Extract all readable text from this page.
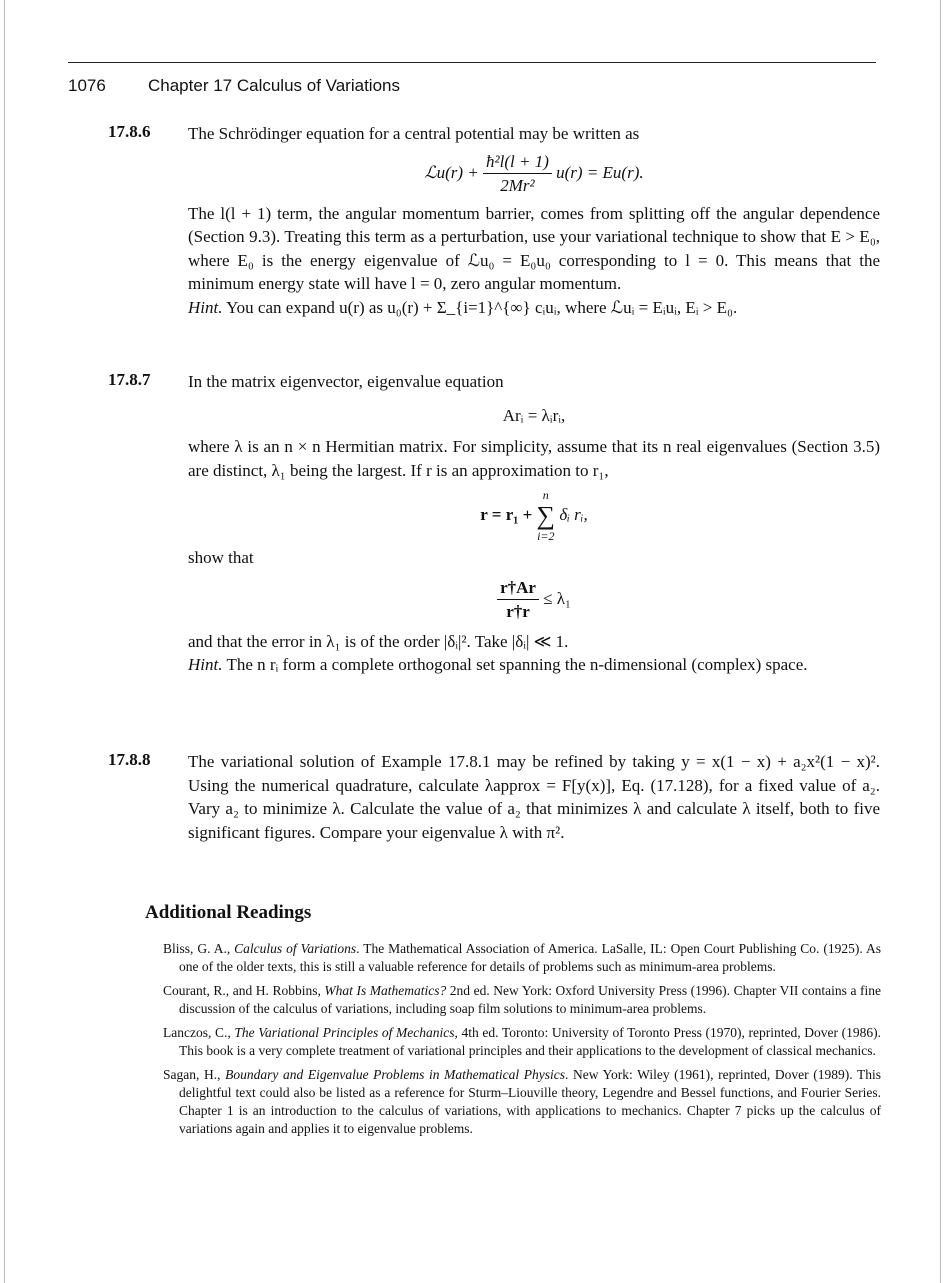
1076 Chapter 17 Calculus of Variations
17.8.6 The Schrödinger equation for a central potential may be written as

ℒu(r) + $\frac{\text{ħ²l(l + 1)}}{\text{2Mr²}} u(r) = Eu(r)$.

The l(l + 1) term, the angular momentum barrier, comes from splitting off the angular dependence (Section 9.3). Treating this term as a perturbation, use your variational technique to show that E > E₀, where E₀ is the energy eigenvalue of ℒu₀ = E₀u₀ corresponding to l = 0. This means that the minimum energy state will have l = 0, zero angular momentum.

Hint. You can expand u(r) as u₀(r) + Σ_{i=1}^{∞} cᵢuᵢ, where ℒuᵢ = Eᵢuᵢ, Eᵢ > E₀.

17.8.7 In the matrix eigenvector, eigenvalue equation

Arᵢ = λᵢrᵢ,

where λ is an n × n Hermitian matrix. For simplicity, assume that its n real eigenvalues (Section 3.5) are distinct, λ₁ being the largest. If r is an approximation to r₁,

r = r₁ +
n
∑
i=2
δᵢ rᵢ,

show that

$\frac{r\dagger Ar}{r\dagger r} \le \lambda_1$

and that the error in λ₁ is of the order |δᵢ|². Take |δᵢ| ≪ 1.

Hint. The n rᵢ form a complete orthogonal set spanning the n-dimensional (complex) space.

17.8.8 The variational solution of Example 17.8.1 may be refined by taking y = x(1 − x) + a₂x²(1 − x)². Using the numerical quadrature, calculate λapprox = F[y(x)], Eq. (17.128), for a fixed value of a₂. Vary a₂ to minimize λ. Calculate the value of a₂ that minimizes λ and calculate λ itself, both to five significant figures. Compare your eigenvalue λ with π².

Additional Readings

Bliss, G. A., Calculus of Variations. The Mathematical Association of America. LaSalle, IL: Open Court Publishing Co. (1925). As one of the older texts, this is still a valuable reference for details of problems such as minimum-area problems.

Courant, R., and H. Robbins, What Is Mathematics? 2nd ed. New York: Oxford University Press (1996). Chapter VII contains a fine discussion of the calculus of variations, including soap film solutions to minimum-area problems.

Lanczos, C., The Variational Principles of Mechanics, 4th ed. Toronto: University of Toronto Press (1970), reprinted, Dover (1986). This book is a very complete treatment of variational principles and their applications to the development of classical mechanics.

Sagan, H., Boundary and Eigenvalue Problems in Mathematical Physics. New York: Wiley (1961), reprinted, Dover (1989). This delightful text could also be listed as a reference for Sturm–Liouville theory, Legendre and Bessel functions, and Fourier Series. Chapter 1 is an introduction to the calculus of variations, with applications to mechanics. Chapter 7 picks up the calculus of variations again and applies it to eigenvalue problems.
